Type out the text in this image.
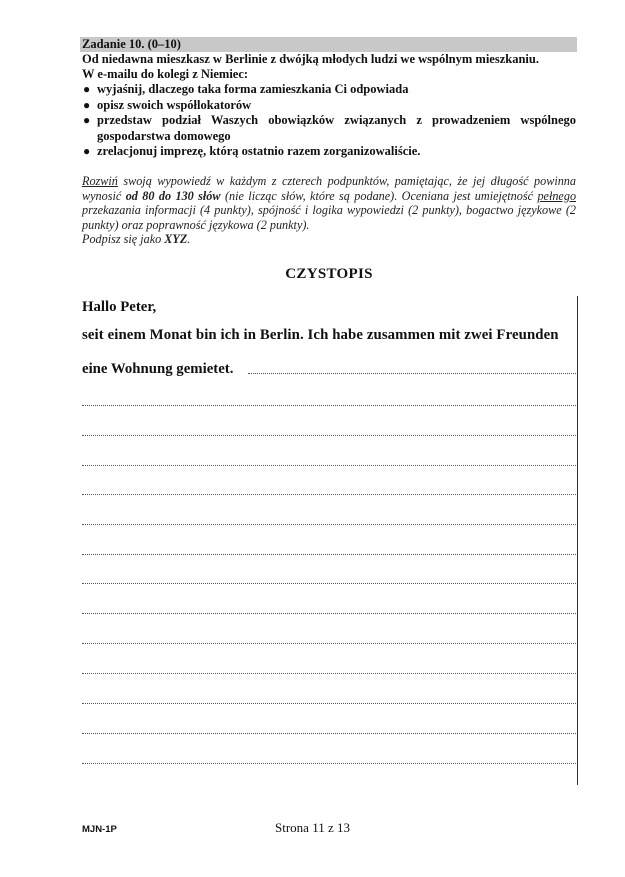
Zadanie 10. (0–10)

Od niedawna mieszkasz w Berlinie z dwójką młodych ludzi we wspólnym mieszkaniu.

W e-mailu do kolegi z Niemiec:

● wyjaśnij, dlaczego taka forma zamieszkania Ci odpowiada
● opisz swoich współlokatorów
● przedstaw podział Waszych obowiązków związanych z prowadzeniem wspólnego gospodarstwa domowego
● zrelacjonuj imprezę, którą ostatnio razem zorganizowaliście.
Rozwiń swoją wypowiedź w każdym z czterech podpunktów, pamiętając, że jej długość powinna wynosić od 80 do 130 słów (nie licząc słów, które są podane). Oceniana jest umiejętność pełnego przekazania informacji (4 punkty), spójność i logika wypowiedzi (2 punkty), bogactwo językowe (2 punkty) oraz poprawność językowa (2 punkty).
Podpisz się jako XYZ.
CZYSTOPIS
Hallo Peter,
seit einem Monat bin ich in Berlin. Ich habe zusammen mit zwei Freunden
eine Wohnung gemietet.
MJN-1P	Strona 11 z 13
